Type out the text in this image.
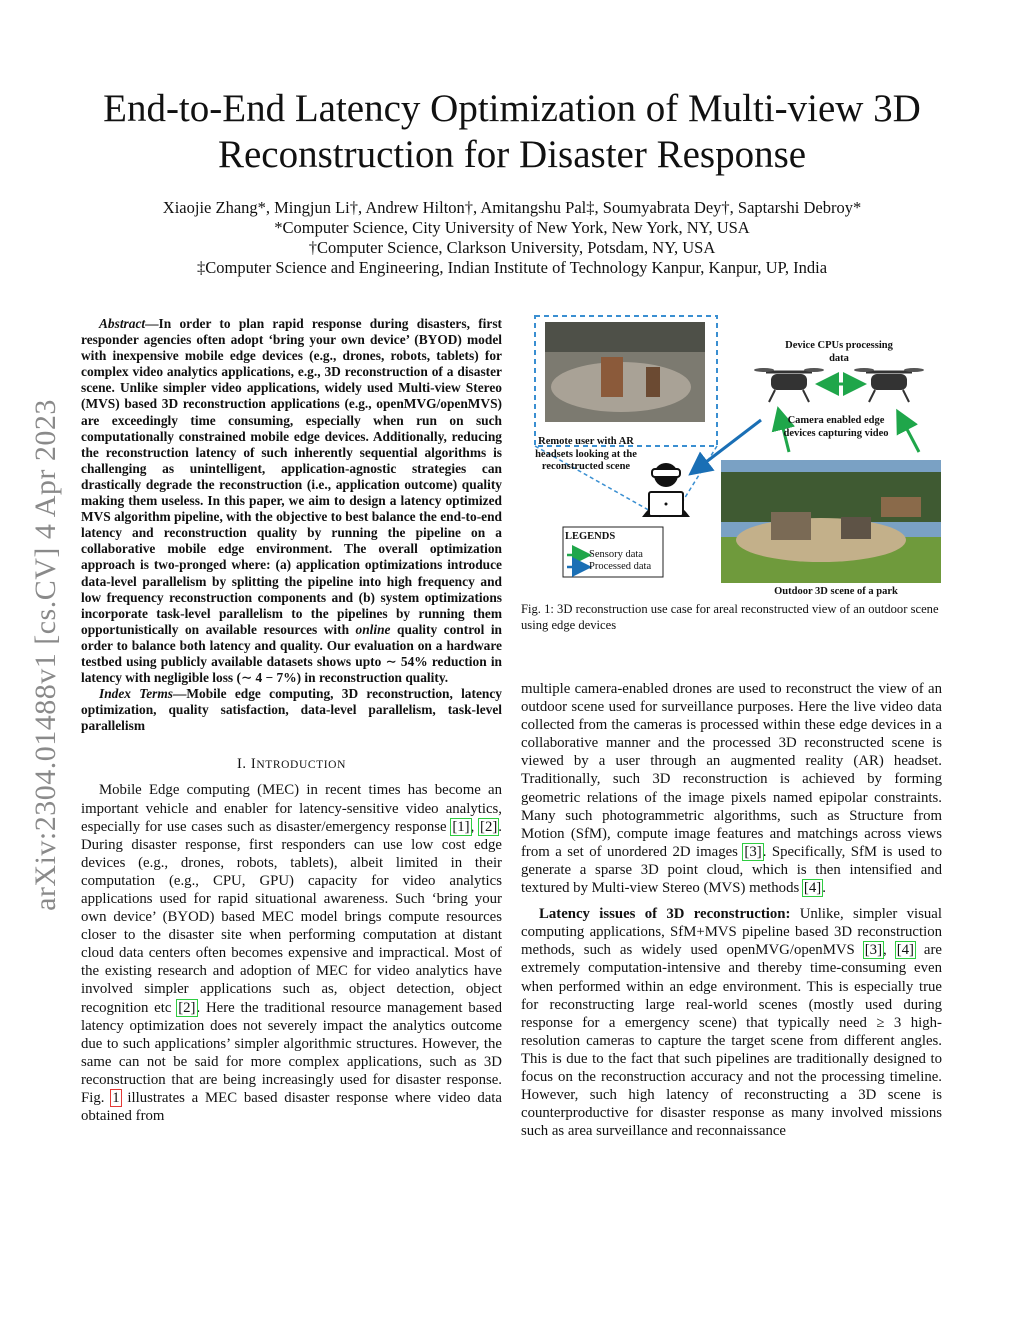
arXiv:2304.01488v1 [cs.CV] 4 Apr 2023
End-to-End Latency Optimization of Multi-view 3D Reconstruction for Disaster Response
Xiaojie Zhang*, Mingjun Li†, Andrew Hilton†, Amitangshu Pal‡, Soumyabrata Dey†, Saptarshi Debroy*
*Computer Science, City University of New York, New York, NY, USA
†Computer Science, Clarkson University, Potsdam, NY, USA
‡Computer Science and Engineering, Indian Institute of Technology Kanpur, Kanpur, UP, India

Abstract—In order to plan rapid response during disasters, first responder agencies often adopt ‘bring your own device’ (BYOD) model with inexpensive mobile edge devices (e.g., drones, robots, tablets) for complex video analytics applications, e.g., 3D reconstruction of a disaster scene. Unlike simpler video applications, widely used Multi-view Stereo (MVS) based 3D reconstruction applications (e.g., openMVG/openMVS) are exceedingly time consuming, especially when run on such computationally constrained mobile edge devices. Additionally, reducing the reconstruction latency of such inherently sequential algorithms is challenging as unintelligent, application-agnostic strategies can drastically degrade the reconstruction (i.e., application outcome) quality making them useless. In this paper, we aim to design a latency optimized MVS algorithm pipeline, with the objective to best balance the end-to-end latency and reconstruction quality by running the pipeline on a collaborative mobile edge environment. The overall optimization approach is two-pronged where: (a) application optimizations introduce data-level parallelism by splitting the pipeline into high frequency and low frequency reconstruction components and (b) system optimizations incorporate task-level parallelism to the pipelines by running them opportunistically on available resources with online quality control in order to balance both latency and quality. Our evaluation on a hardware testbed using publicly available datasets shows upto ∼ 54% reduction in latency with negligible loss (∼ 4 − 7%) in reconstruction quality.

Index Terms—Mobile edge computing, 3D reconstruction, latency optimization, quality satisfaction, data-level parallelism, task-level parallelism

I. INTRODUCTION

Mobile Edge computing (MEC) in recent times has become an important vehicle and enabler for latency-sensitive video analytics, especially for use cases such as disaster/emergency response [1], [2]. During disaster response, first responders can use low cost edge devices (e.g., drones, robots, tablets), albeit limited in their computation (e.g., CPU, GPU) capacity for video analytics applications used for rapid situational awareness. Such ‘bring your own device’ (BYOD) based MEC model brings compute resources closer to the disaster site when performing computation at distant cloud data centers often becomes expensive and impractical. Most of the existing research and adoption of MEC for video analytics have involved simpler applications such as, object detection, object recognition etc [2]. Here the traditional resource management based latency optimization does not severely impact the analytics outcome due to such applications’ simpler algorithmic structures. However, the same can not be said for more complex applications, such as 3D reconstruction that are being increasingly used for disaster response. Fig. 1 illustrates a MEC based disaster response where video data obtained from

Device CPUs processing data
Camera enabled edge devices capturing video
Remote user with AR headsets looking at the reconstructed scene
LEGENDS
Sensory data
Processed data
Outdoor 3D scene of a park
Fig. 1: 3D reconstruction use case for areal reconstructed view of an outdoor scene using edge devices

multiple camera-enabled drones are used to reconstruct the view of an outdoor scene used for surveillance purposes. Here the live video data collected from the cameras is processed within these edge devices in a collaborative manner and the processed 3D reconstructed scene is viewed by a user through an augmented reality (AR) headset. Traditionally, such 3D reconstruction is achieved by forming geometric relations of the image pixels named epipolar constraints. Many such photogrammetric algorithms, such as Structure from Motion (SfM), compute image features and matchings across views from a set of unordered 2D images [3]. Specifically, SfM is used to generate a sparse 3D point cloud, which is then intensified and textured by Multi-view Stereo (MVS) methods [4].

Latency issues of 3D reconstruction: Unlike, simpler visual computing applications, SfM+MVS pipeline based 3D reconstruction methods, such as widely used openMVG/openMVS [3], [4] are extremely computation-intensive and thereby time-consuming even when performed within an edge environment. This is especially true for reconstructing large real-world scenes (mostly used during response for a emergency scene) that typically need ≥ 3 high-resolution cameras to capture the target scene from different angles. This is due to the fact that such pipelines are traditionally designed to focus on the reconstruction accuracy and not the processing timeline. However, such high latency of reconstructing a 3D scene is counterproductive for disaster response as many involved missions such as area surveillance and reconnaissance
